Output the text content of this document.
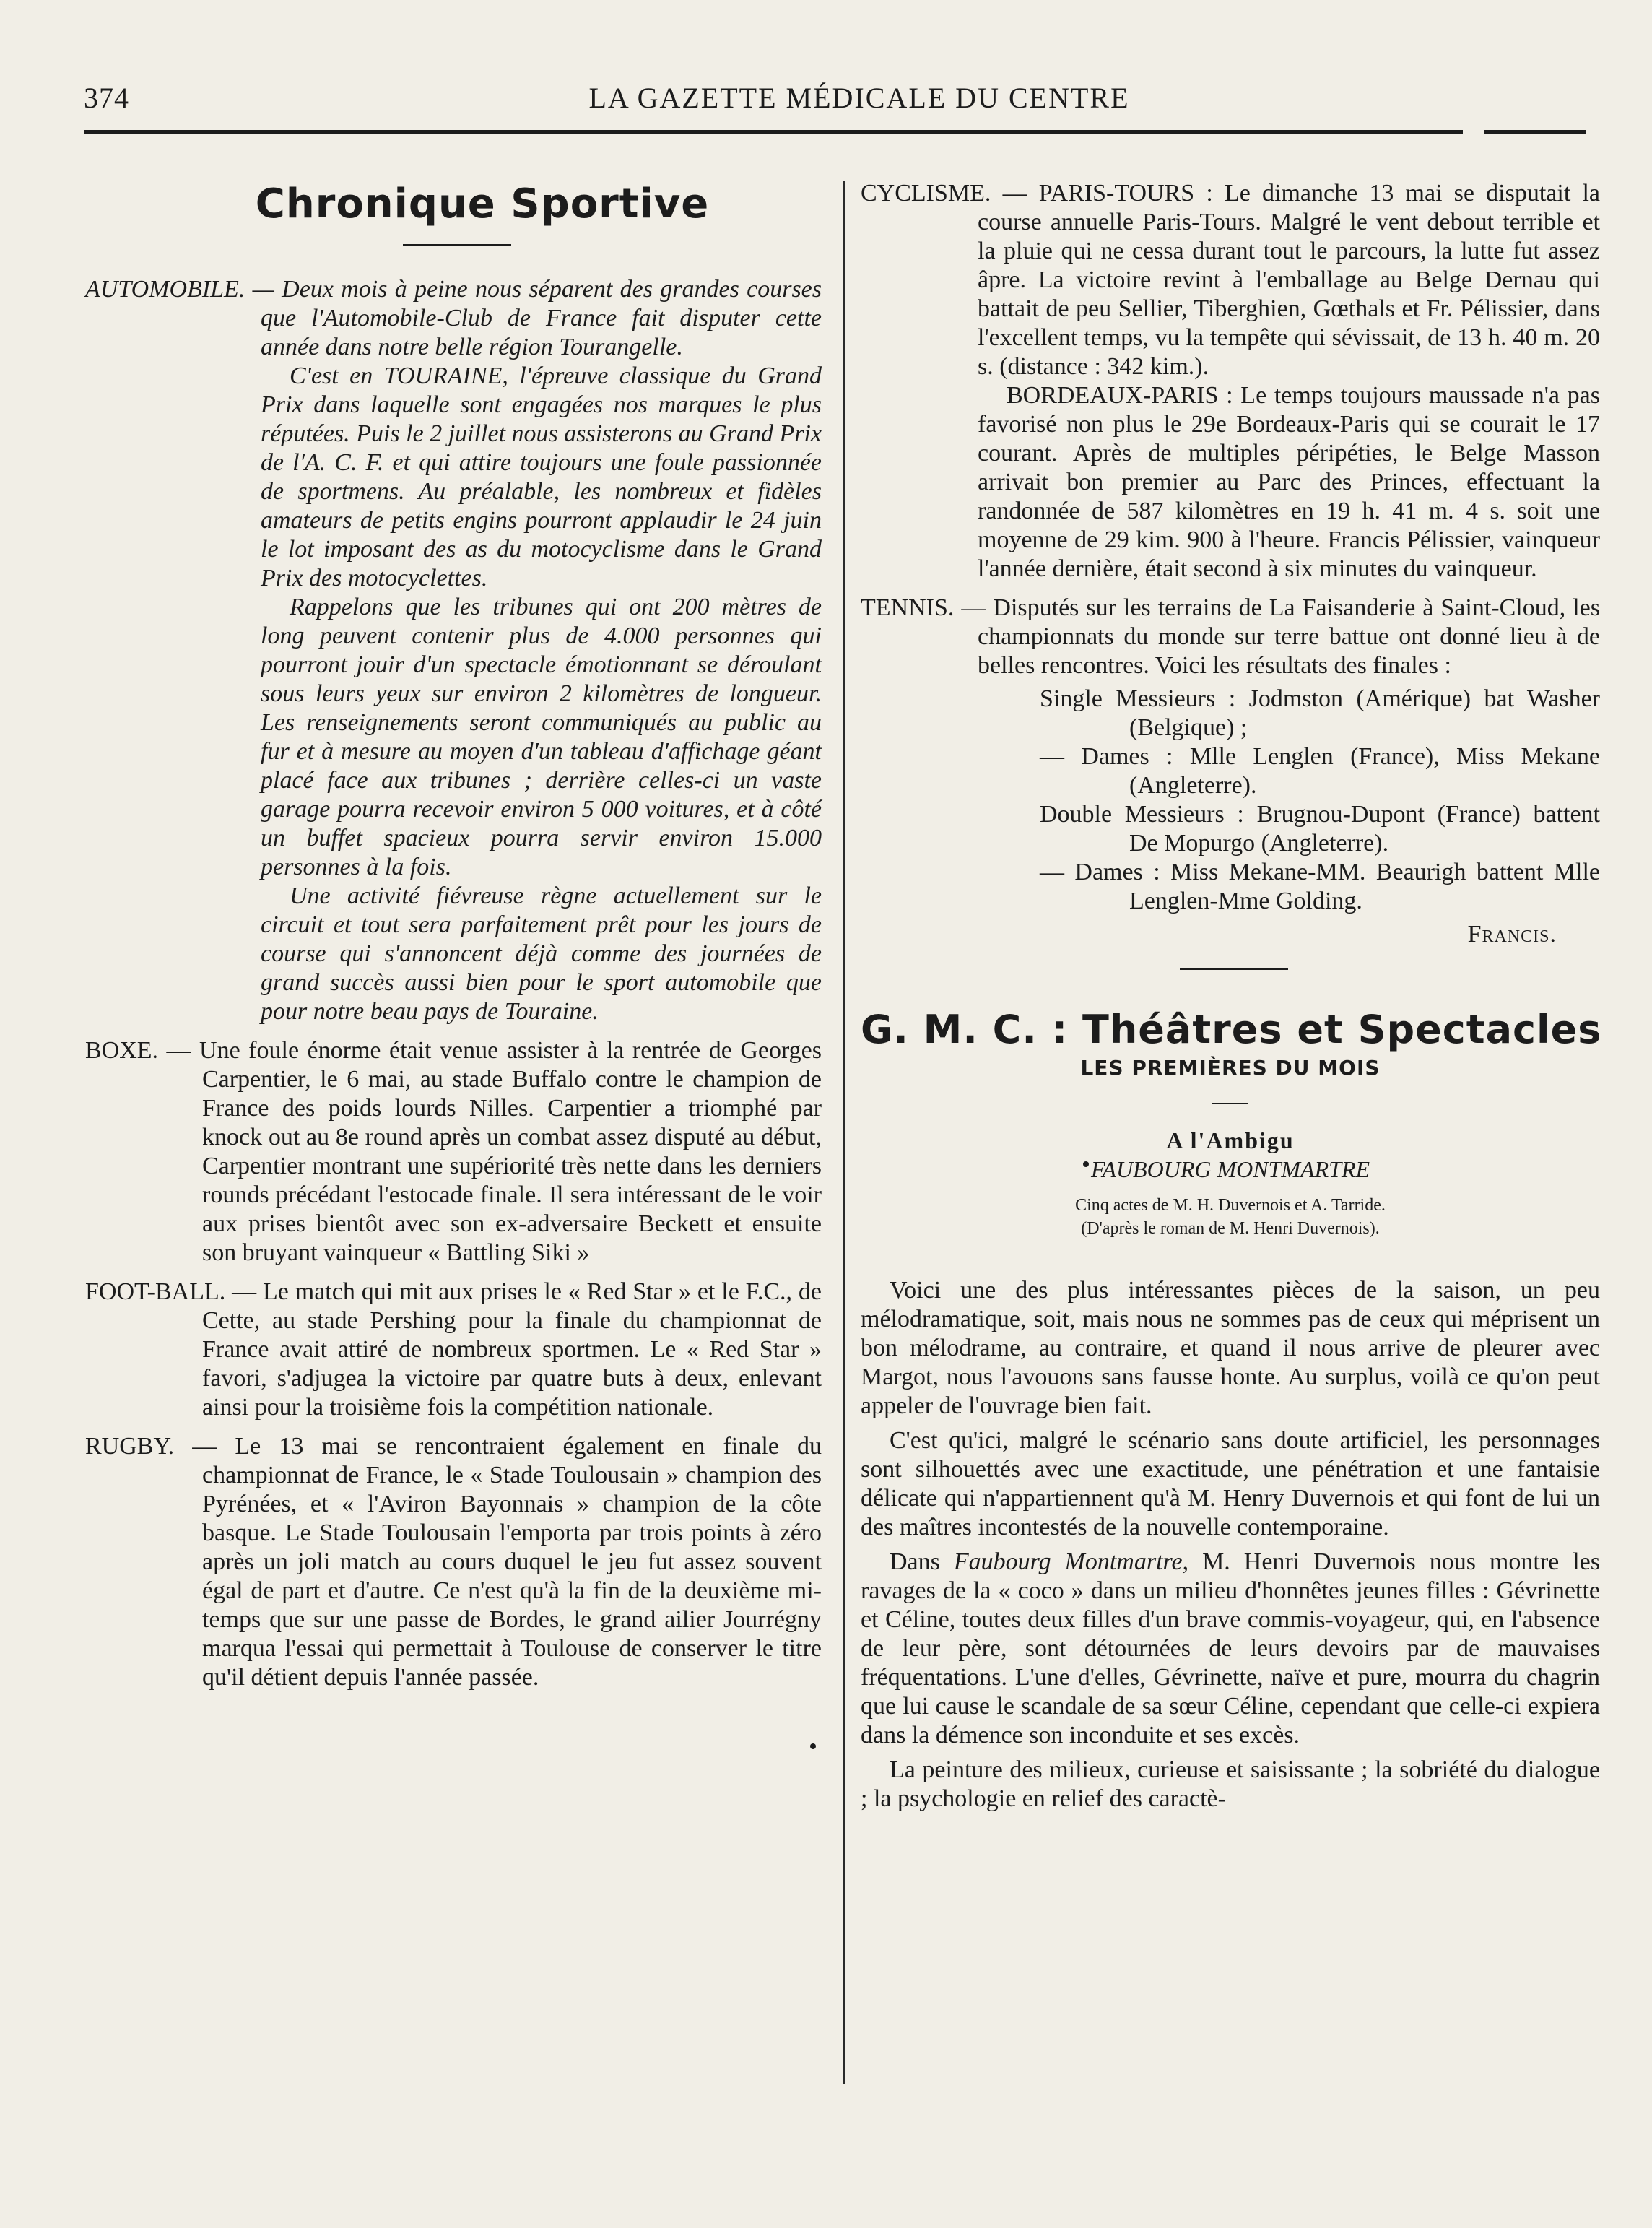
374	LA GAZETTE MÉDICALE DU CENTRE
Chronique Sportive

AUTOMOBILE. — Deux mois à peine nous séparent des grandes courses que l'Automobile-Club de France fait disputer cette année dans notre belle région Tourangelle.

C'est en TOURAINE, l'épreuve classique du Grand Prix dans laquelle sont engagées nos marques le plus réputées. Puis le 2 juillet nous assisterons au Grand Prix de l'A. C. F. et qui attire toujours une foule passionnée de sportmens. Au préalable, les nombreux et fidèles amateurs de petits engins pourront applaudir le 24 juin le lot imposant des as du motocyclisme dans le Grand Prix des motocyclettes.

Rappelons que les tribunes qui ont 200 mètres de long peuvent contenir plus de 4.000 personnes qui pourront jouir d'un spectacle émotionnant se déroulant sous leurs yeux sur environ 2 kilomètres de longueur. Les renseignements seront communiqués au public au fur et à mesure au moyen d'un tableau d'affichage géant placé face aux tribunes ; derrière celles-ci un vaste garage pourra recevoir environ 5 000 voitures, et à côté un buffet spacieux pourra servir environ 15.000 personnes à la fois.

Une activité fiévreuse règne actuellement sur le circuit et tout sera parfaitement prêt pour les jours de course qui s'annoncent déjà comme des journées de grand succès aussi bien pour le sport automobile que pour notre beau pays de Touraine.

BOXE. — Une foule énorme était venue assister à la rentrée de Georges Carpentier, le 6 mai, au stade Buffalo contre le champion de France des poids lourds Nilles. Carpentier a triomphé par knock out au 8e round après un combat assez disputé au début, Carpentier montrant une supériorité très nette dans les derniers rounds précédant l'estocade finale. Il sera intéressant de le voir aux prises bientôt avec son ex-adversaire Beckett et ensuite son bruyant vainqueur « Battling Siki »

FOOT-BALL. — Le match qui mit aux prises le « Red Star » et le F.C., de Cette, au stade Pershing pour la finale du championnat de France avait attiré de nombreux sportmen. Le « Red Star » favori, s'adjugea la victoire par quatre buts à deux, enlevant ainsi pour la troisième fois la compétition nationale.

RUGBY. — Le 13 mai se rencontraient également en finale du championnat de France, le « Stade Toulousain » champion des Pyrénées, et « l'Aviron Bayonnais » champion de la côte basque. Le Stade Toulousain l'emporta par trois points à zéro après un joli match au cours duquel le jeu fut assez souvent égal de part et d'autre. Ce n'est qu'à la fin de la deuxième mi-temps que sur une passe de Bordes, le grand ailier Jourrégny marqua l'essai qui permettait à Toulouse de conserver le titre qu'il détient depuis l'année passée.

CYCLISME. — PARIS-TOURS : Le dimanche 13 mai se disputait la course annuelle Paris-Tours. Malgré le vent debout terrible et la pluie qui ne cessa durant tout le parcours, la lutte fut assez âpre. La victoire revint à l'emballage au Belge Dernau qui battait de peu Sellier, Tiberghien, Gœthals et Fr. Pélissier, dans l'excellent temps, vu la tempête qui sévissait, de 13 h. 40 m. 20 s. (distance : 342 kim.).

BORDEAUX-PARIS : Le temps toujours maussade n'a pas favorisé non plus le 29e Bordeaux-Paris qui se courait le 17 courant. Après de multiples péripéties, le Belge Masson arrivait bon premier au Parc des Princes, effectuant la randonnée de 587 kilomètres en 19 h. 41 m. 4 s. soit une moyenne de 29 kim. 900 à l'heure. Francis Pélissier, vainqueur l'année dernière, était second à six minutes du vainqueur.

TENNIS. — Disputés sur les terrains de La Faisanderie à Saint-Cloud, les championnats du monde sur terre battue ont donné lieu à de belles rencontres. Voici les résultats des finales :

Single Messieurs : Jodmston (Amérique) bat Washer (Belgique) ;

— Dames : Mlle Lenglen (France), Miss Mekane (Angleterre).

Double Messieurs : Brugnou-Dupont (France) battent De Mopurgo (Angleterre).

— Dames : Miss Mekane-MM. Beaurigh battent Mlle Lenglen-Mme Golding.

Francis.

G. M. C. : Théâtres et Spectacles
LES PREMIÈRES DU MOIS
A l'Ambigu
FAUBOURG MONTMARTRE
Cinq actes de M. H. Duvernois et A. Tarride.
(D'après le roman de M. Henri Duvernois).

Voici une des plus intéressantes pièces de la saison, un peu mélodramatique, soit, mais nous ne sommes pas de ceux qui méprisent un bon mélodrame, au contraire, et quand il nous arrive de pleurer avec Margot, nous l'avouons sans fausse honte. Au surplus, voilà ce qu'on peut appeler de l'ouvrage bien fait.

C'est qu'ici, malgré le scénario sans doute artificiel, les personnages sont silhouettés avec une exactitude, une pénétration et une fantaisie délicate qui n'appartiennent qu'à M. Henry Duvernois et qui font de lui un des maîtres incontestés de la nouvelle contemporaine.

Dans Faubourg Montmartre, M. Henri Duvernois nous montre les ravages de la « coco » dans un milieu d'honnêtes jeunes filles : Gévrinette et Céline, toutes deux filles d'un brave commis-voyageur, qui, en l'absence de leur père, sont détournées de leurs devoirs par de mauvaises fréquentations. L'une d'elles, Gévrinette, naïve et pure, mourra du chagrin que lui cause le scandale de sa sœur Céline, cependant que celle-ci expiera dans la démence son inconduite et ses excès.

La peinture des milieux, curieuse et saisissante ; la sobriété du dialogue ; la psychologie en relief des caractè-
